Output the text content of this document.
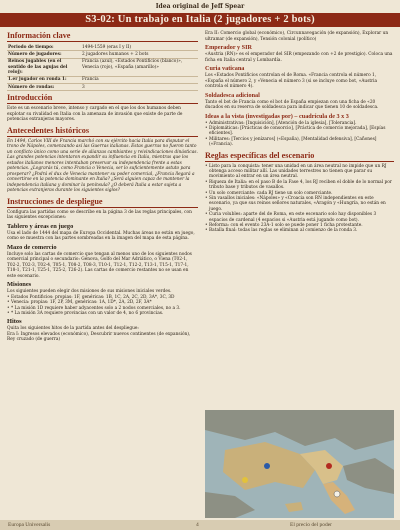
Idea original de Jeff Spear
S3-02: Un trabajo en Italia (2 jugadores + 2 bots)
Información clave
Periodo de tiempo:	1494-1559 (eras I y II)
Número de jugadores:	2 jugadores humanos + 2 bots
Reinos jugables (en el sentido de las agujas del reloj):	Francia (azul), «Estados Pontificios (blanco)», Venecia (rojo), «España (amarillo)»
1.er jugador en ronda 1:	Francia
Número de rondas:	3
Introducción

Este es un escenario breve, intenso y cargado en el que los dos humanos deben explotar su rivalidad en Italia con la amenaza de invasión que existe de parte de potencias extranjeras mayores.

Antecedentes históricos

En 1494, Carlos VIII de Francia marchó con su ejército hacia Italia para disputar el trono de Nápoles, comenzando así las Guerras italianas. Estas guerras no fueron tanto un conflicto único como una serie de alianzas cambiantes y reivindicaciones dinásticas. Las grandes potencias intentaron expandir su influencia en Italia, mientras que los estados italianos menores intentaban preservar su independencia frente a estas potencias. ¿Lograrás tú, como Francia o Venecia, ser lo suficientemente astuto para prosperar? ¿Podrá el dux de Venecia mantener su poder comercial, ¿Francia llegará a convertirse en la potencia dominante en Italia? ¿Será alguien capaz de mantener la independencia italiana y dominar la península? ¿O deberá Italia a estar sujeta a potencias extranjeras durante los siguientes siglos?

Instrucciones de despliegue

Configura las partidas como se describe en la página 3 de las reglas principales, con las siguientes excepciones:

Tablero y áreas en juego

Usa el lado de 1444 del mapa de Europa Occidental. Muchas áreas no están en juego, como se muestra con las partes sombreadas en la imagen del mapa de esta página.

Mazo de comercio

Incluye solo las cartas de comercio que tengan al menos uno de los siguientes nodos comercial principal o secundario: Génova, Golfo del Mar Adriático, o Viena (T02-1, T02-2, T02-3, T02-4, T05-1, T08-2, T08-3, T10-1, T12-1, T12-2, T13-1, T15-1, T17-1, T18-1, T21-1, T25-1, T25-2, T26-2). Las cartas de comercio restantes no se usan en este escenario.

Misiones

Los siguientes pueden elegir dos misiones de sus misiones iniciales verdes.

• Estados Pontificios: propias: 1F, genéricas: 1B, 1C, 2A, 2C, 2D, 3A*, 3C, 3D
• Venecia: propias: 1F, 2P, 3M, genéricas: 1A, 1D*, 2A, 2D, 2F, 3A*
• * La misión 1D requiere haber adyacentes solo a 2 nodos comerciales, no a 3.
• * La misión 3A requiere provincias con un valor de 4, no 6 provincias.
Hitos

Quita los siguientes hitos de la partida antes del despliegue:

Era I: Ingresos elevados (económico), Descubrir nuevos continentes (de expansión), Rey cruzado (de guerra)

Era II: Comercio global (económico), Circunnavegación (de expansión), Explorar un ultramar (de expansión), Tensión colonial (político)

Emperador y SIR

«Austria (RN)» es el emperador del SIR (empezando con +2 de prestigio). Coloca una ficha en Italia central y Lombardía.

Curia vaticana

Los «Estados Pontificios controlan el de Roma. «Francia controla el número 1, «España el número 2, y «Venecia el número 3 (si se incluye como bot, «Austria controla el número 4).

Soldadesca adicional

Tanto el bot de Francia como el bot de España empiezan con una ficha de «20 ducados en su reserva de soldadesca para indicar que tienen 10 de soldadesca.

Ideas a la vista (investigadas por) – cuadrícula de 3 x 3
• Administrativas: [Inquisición], [Atención de la iglesia], [Tolerancia].
• Diplomáticas: [Prácticas de consorcio], [Práctica de comercio mejorada], [Espías eficientes].
• Militares: [Tercios y jenízaros] («España), [Mentalidad defensiva], [Cañones] («Francia).
Reglas específicas del escenario
• Listo para la conquista: tener una unidad en un área neutral no impide que un RJ obtenga acceso militar allí. Las unidades terrestres no tienen que parar su movimiento al entrar en un área neutral.
• Riqueza de Italia: en el paso B de la Fase 4, los RJ reciben el doble de lo normal por tributo base y tributos de vasallos.
• Un solo comerciante: cada RJ tiene un solo comerciante.
• Sin vasallos iniciales: «Nápoles» y «Croacia son RN independientes en este escenario, ya que sus reinos señores naturales, «Aragón y «Hungría, no están en juego.
• Curia volubles: aparte del de Roma, en este escenario solo hay disponibles 3 espacios de cardenal (4 espacios si «Austria está jugando como bot).
• Reforma: con el evento 23A-1 solo se puede poner 1 ficha protestante.
• Batalla final: todas las reglas se eliminan al comienzo de la ronda 3.
Europa Universalis	4	El precio del poder
